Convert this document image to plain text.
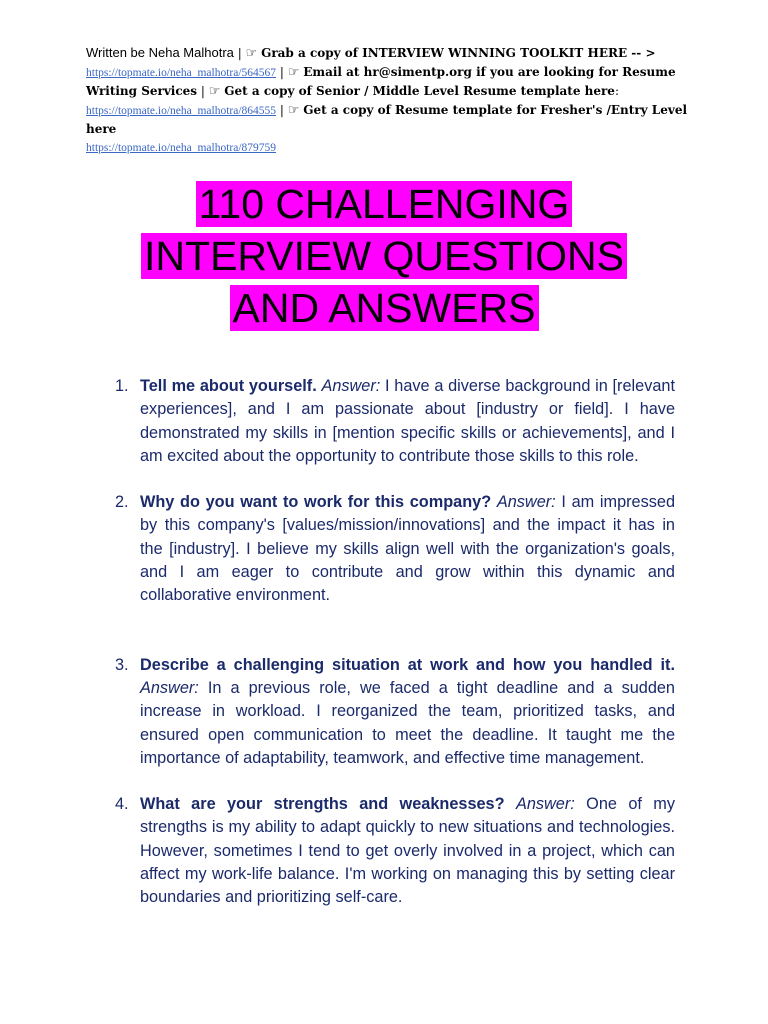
Written be Neha Malhotra | ☞ Grab a copy of INTERVIEW WINNING TOOLKIT HERE -- >
https://topmate.io/neha_malhotra/564567 | ☞ Email at hr@simentp.org if you are looking for Resume Writing Services | ☞ Get a copy of Senior / Middle Level Resume template here:
https://topmate.io/neha_malhotra/864555 | ☞ Get a copy of Resume template for Fresher's /Entry Level here
https://topmate.io/neha_malhotra/879759
110 CHALLENGING
INTERVIEW QUESTIONS
AND ANSWERS
1. Tell me about yourself. Answer: I have a diverse background in [relevant experiences], and I am passionate about [industry or field]. I have demonstrated my skills in [mention specific skills or achievements], and I am excited about the opportunity to contribute those skills to this role.
2. Why do you want to work for this company? Answer: I am impressed by this company's [values/mission/innovations] and the impact it has in the [industry]. I believe my skills align well with the organization's goals, and I am eager to contribute and grow within this dynamic and collaborative environment.
3. Describe a challenging situation at work and how you handled it. Answer: In a previous role, we faced a tight deadline and a sudden increase in workload. I reorganized the team, prioritized tasks, and ensured open communication to meet the deadline. It taught me the importance of adaptability, teamwork, and effective time management.
4. What are your strengths and weaknesses? Answer: One of my strengths is my ability to adapt quickly to new situations and technologies. However, sometimes I tend to get overly involved in a project, which can affect my work-life balance. I'm working on managing this by setting clear boundaries and prioritizing self-care.
